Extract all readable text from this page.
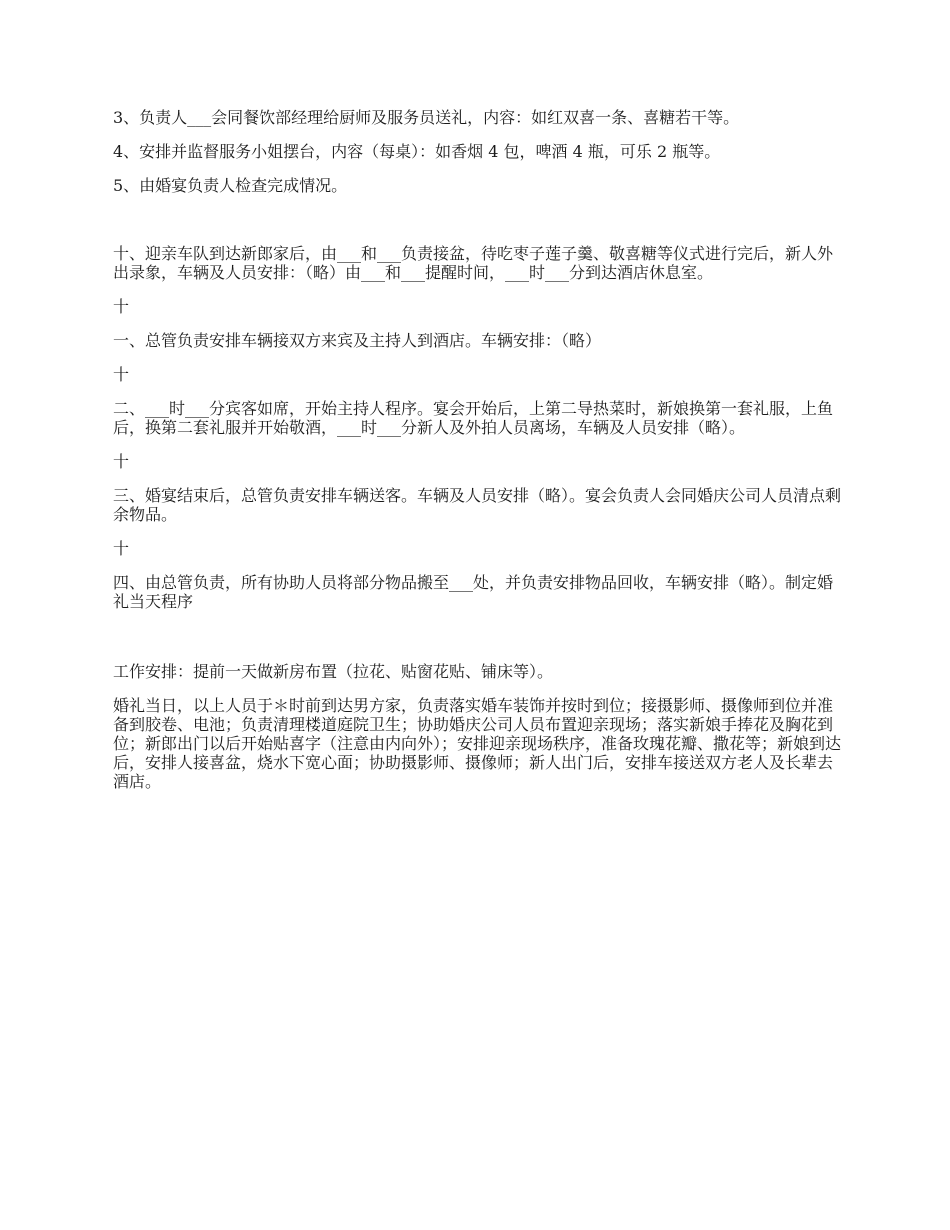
3、负责人___会同餐饮部经理给厨师及服务员送礼，内容：如红双喜一条、喜糖若干等。

4、安排并监督服务小姐摆台，内容（每桌）：如香烟 4 包，啤酒 4 瓶，可乐 2 瓶等。

5、由婚宴负责人检查完成情况。

十、迎亲车队到达新郎家后，由___和___负责接盆，待吃枣子莲子羹、敬喜糖等仪式进行完后，新人外出录象，车辆及人员安排：（略）由___和___提醒时间，___时___分到达酒店休息室。

十

一、总管负责安排车辆接双方来宾及主持人到酒店。车辆安排：（略）

十

二、___时___分宾客如席，开始主持人程序。宴会开始后，上第二导热菜时，新娘换第一套礼服，上鱼后，换第二套礼服并开始敬酒，___时___分新人及外拍人员离场，车辆及人员安排（略）。

十

三、婚宴结束后，总管负责安排车辆送客。车辆及人员安排（略）。宴会负责人会同婚庆公司人员清点剩余物品。

十

四、由总管负责，所有协助人员将部分物品搬至___处，并负责安排物品回收，车辆安排（略）。制定婚礼当天程序

工作安排：提前一天做新房布置（拉花、贴窗花贴、铺床等）。

婚礼当日，以上人员于＊时前到达男方家，负责落实婚车装饰并按时到位；接摄影师、摄像师到位并准备到胶卷、电池；负责清理楼道庭院卫生；协助婚庆公司人员布置迎亲现场；落实新娘手捧花及胸花到位；新郎出门以后开始贴喜字（注意由内向外）；安排迎亲现场秩序，准备玫瑰花瓣、撒花等；新娘到达后，安排人接喜盆，烧水下宽心面；协助摄影师、摄像师；新人出门后，安排车接送双方老人及长辈去酒店。
